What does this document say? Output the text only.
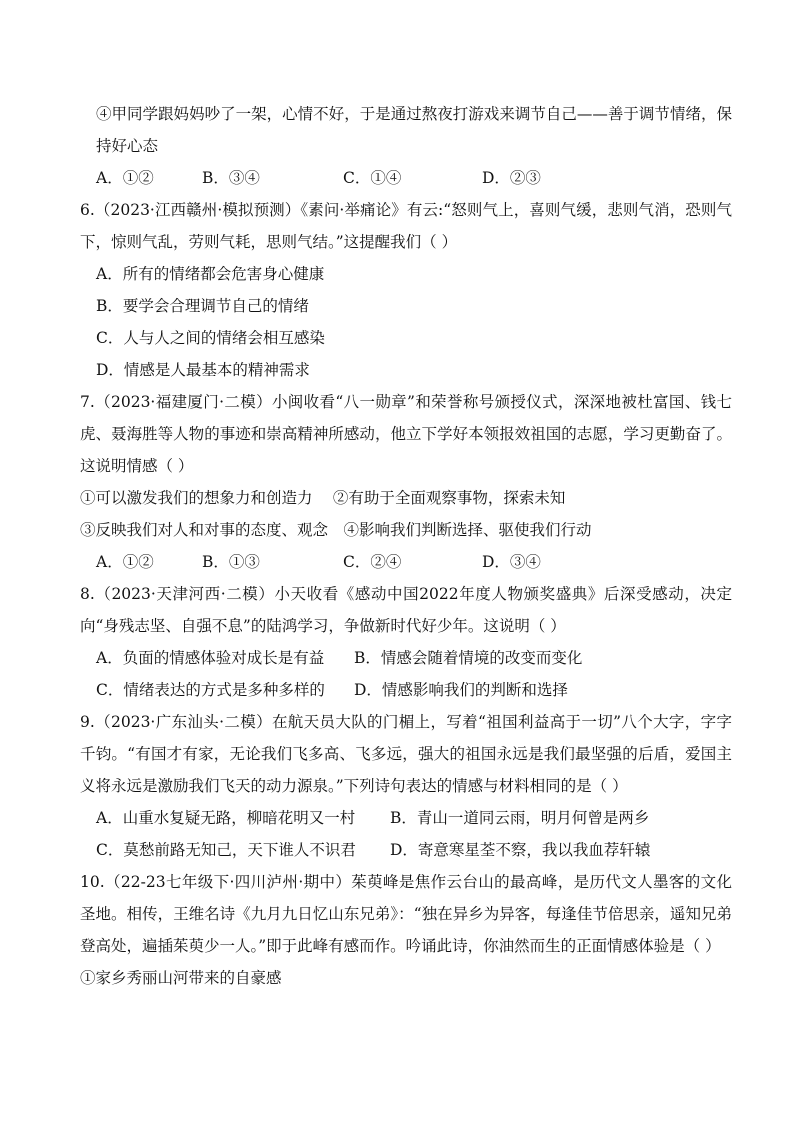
④甲同学跟妈妈吵了一架，心情不好，于是通过熬夜打游戏来调节自己——善于调节情绪，保持好心态

A．①②	B．③④	C．①④	D．②③

6.（2023·江西赣州·模拟预测）《素问·举痛论》有云:“怒则气上，喜则气缓，悲则气消，恐则气下，惊则气乱，劳则气耗，思则气结。”这提醒我们（ ）

A．所有的情绪都会危害身心健康

B．要学会合理调节自己的情绪

C．人与人之间的情绪会相互感染

D．情感是人最基本的精神需求

7.（2023·福建厦门·二模）小闽收看“八一勋章”和荣誉称号颁授仪式，深深地被杜富国、钱七虎、聂海胜等人物的事迹和崇高精神所感动，他立下学好本领报效祖国的志愿，学习更勤奋了。这说明情感（ ）

①可以激发我们的想象力和创造力　 ②有助于全面观察事物，探索未知

③反映我们对人和对事的态度、观念　④影响我们判断选择、驱使我们行动

A．①②	B．①③	C．②④	D．③④

8.（2023·天津河西·二模）小天收看《感动中国2022年度人物颁奖盛典》后深受感动，决定向“身残志坚、自强不息”的陆鸿学习，争做新时代好少年。这说明（ ）

A．负面的情感体验对成长是有益	B．情感会随着情境的改变而变化
C．情绪表达的方式是多种多样的	D．情感影响我们的判断和选择

9.（2023·广东汕头·二模）在航天员大队的门楣上，写着“祖国利益高于一切”八个大字，字字千钧。“有国才有家，无论我们飞多高、飞多远，强大的祖国永远是我们最坚强的后盾，爱国主义将永远是激励我们飞天的动力源泉。”下列诗句表达的情感与材料相同的是（ ）

A．山重水复疑无路，柳暗花明又一村	B．青山一道同云雨，明月何曾是两乡
C．莫愁前路无知己，天下谁人不识君	D．寄意寒星荃不察，我以我血荐轩辕

10.（22-23七年级下·四川泸州·期中）茱萸峰是焦作云台山的最高峰，是历代文人墨客的文化圣地。相传，王维名诗《九月九日忆山东兄弟》：“独在异乡为异客，每逢佳节倍思亲，遥知兄弟登高处，遍插茱萸少一人。”即于此峰有感而作。吟诵此诗，你油然而生的正面情感体验是（ ）

①家乡秀丽山河带来的自豪感
